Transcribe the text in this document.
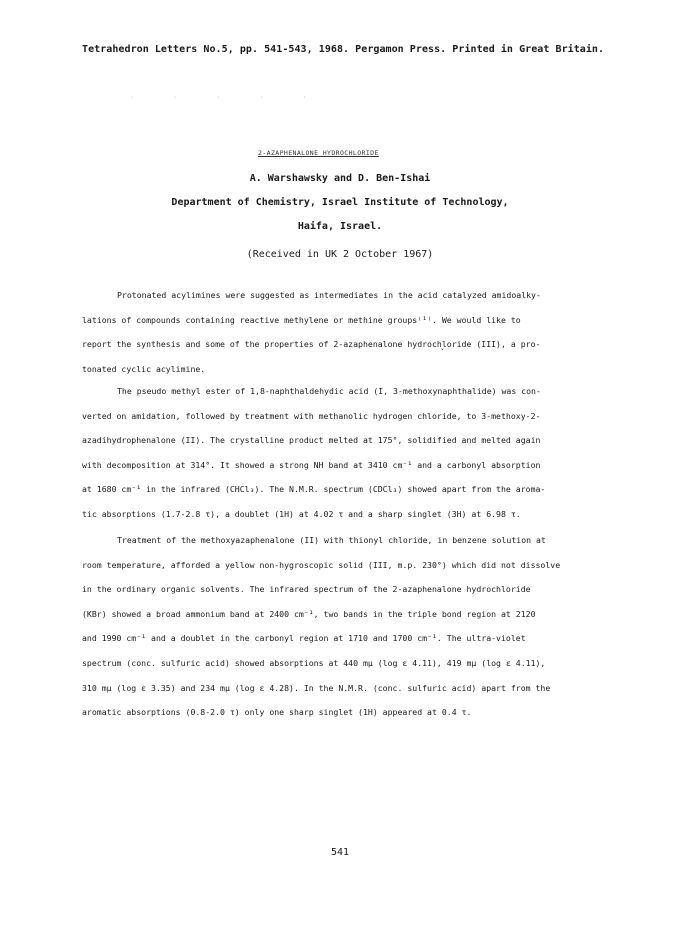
Tetrahedron Letters No.5, pp. 541-543, 1968. Pergamon Press. Printed in Great Britain.
· · · · ·
2-AZAPHENALONE HYDROCHLORIDE
A. Warshawsky and D. Ben-Ishai
Department of Chemistry, Israel Institute of Technology,
Haifa, Israel.
(Received in UK 2 October 1967)
Protonated acylimines were suggested as intermediates in the acid catalyzed amidoalky-
lations of compounds containing reactive methylene or methine groups⁽¹⁾. We would like to
report the synthesis and some of the properties of 2-azaphenalone hydrochloride (III), a pro-
tonated cyclic acylimine.
ˇ
The pseudo methyl ester of 1,8-naphthaldehydic acid (I, 3-methoxynaphthalide) was con-
verted on amidation, followed by treatment with methanolic hydrogen chloride, to 3-methoxy-2-
azadihydrophenalone (II). The crystalline product melted at 175°, solidified and melted again
with decomposition at 314°. It showed a strong NH band at 3410 cm⁻¹ and a carbonyl absorption
at 1680 cm⁻¹ in the infrared (CHCl₃). The N.M.R. spectrum (CDCl₃) showed apart from the aroma-
tic absorptions (1.7-2.8 τ), a doublet (1H) at 4.02 τ and a sharp singlet (3H) at 6.98 τ.
Treatment of the methoxyazaphenalone (II) with thionyl chloride, in benzene solution at
room temperature, afforded a yellow non-hygroscopic solid (III, m.p. 230°) which did not dissolve
in the ordinary organic solvents. The infrared spectrum of the 2-azaphenalone hydrochloride
(KBr) showed a broad ammonium band at 2400 cm⁻¹, two bands in the triple bond region at 2120
and 1990 cm⁻¹ and a doublet in the carbonyl region at 1710 and 1700 cm⁻¹. The ultra-violet
spectrum (conc. sulfuric acid) showed absorptions at 440 mμ (log ε 4.11), 419 mμ (log ε 4.11),
310 mμ (log ε 3.35) and 234 mμ (log ε 4.28). In the N.M.R. (conc. sulfuric acid) apart from the
aromatic absorptions (0.8-2.0 τ) only one sharp singlet (1H) appeared at 0.4 τ.
541
